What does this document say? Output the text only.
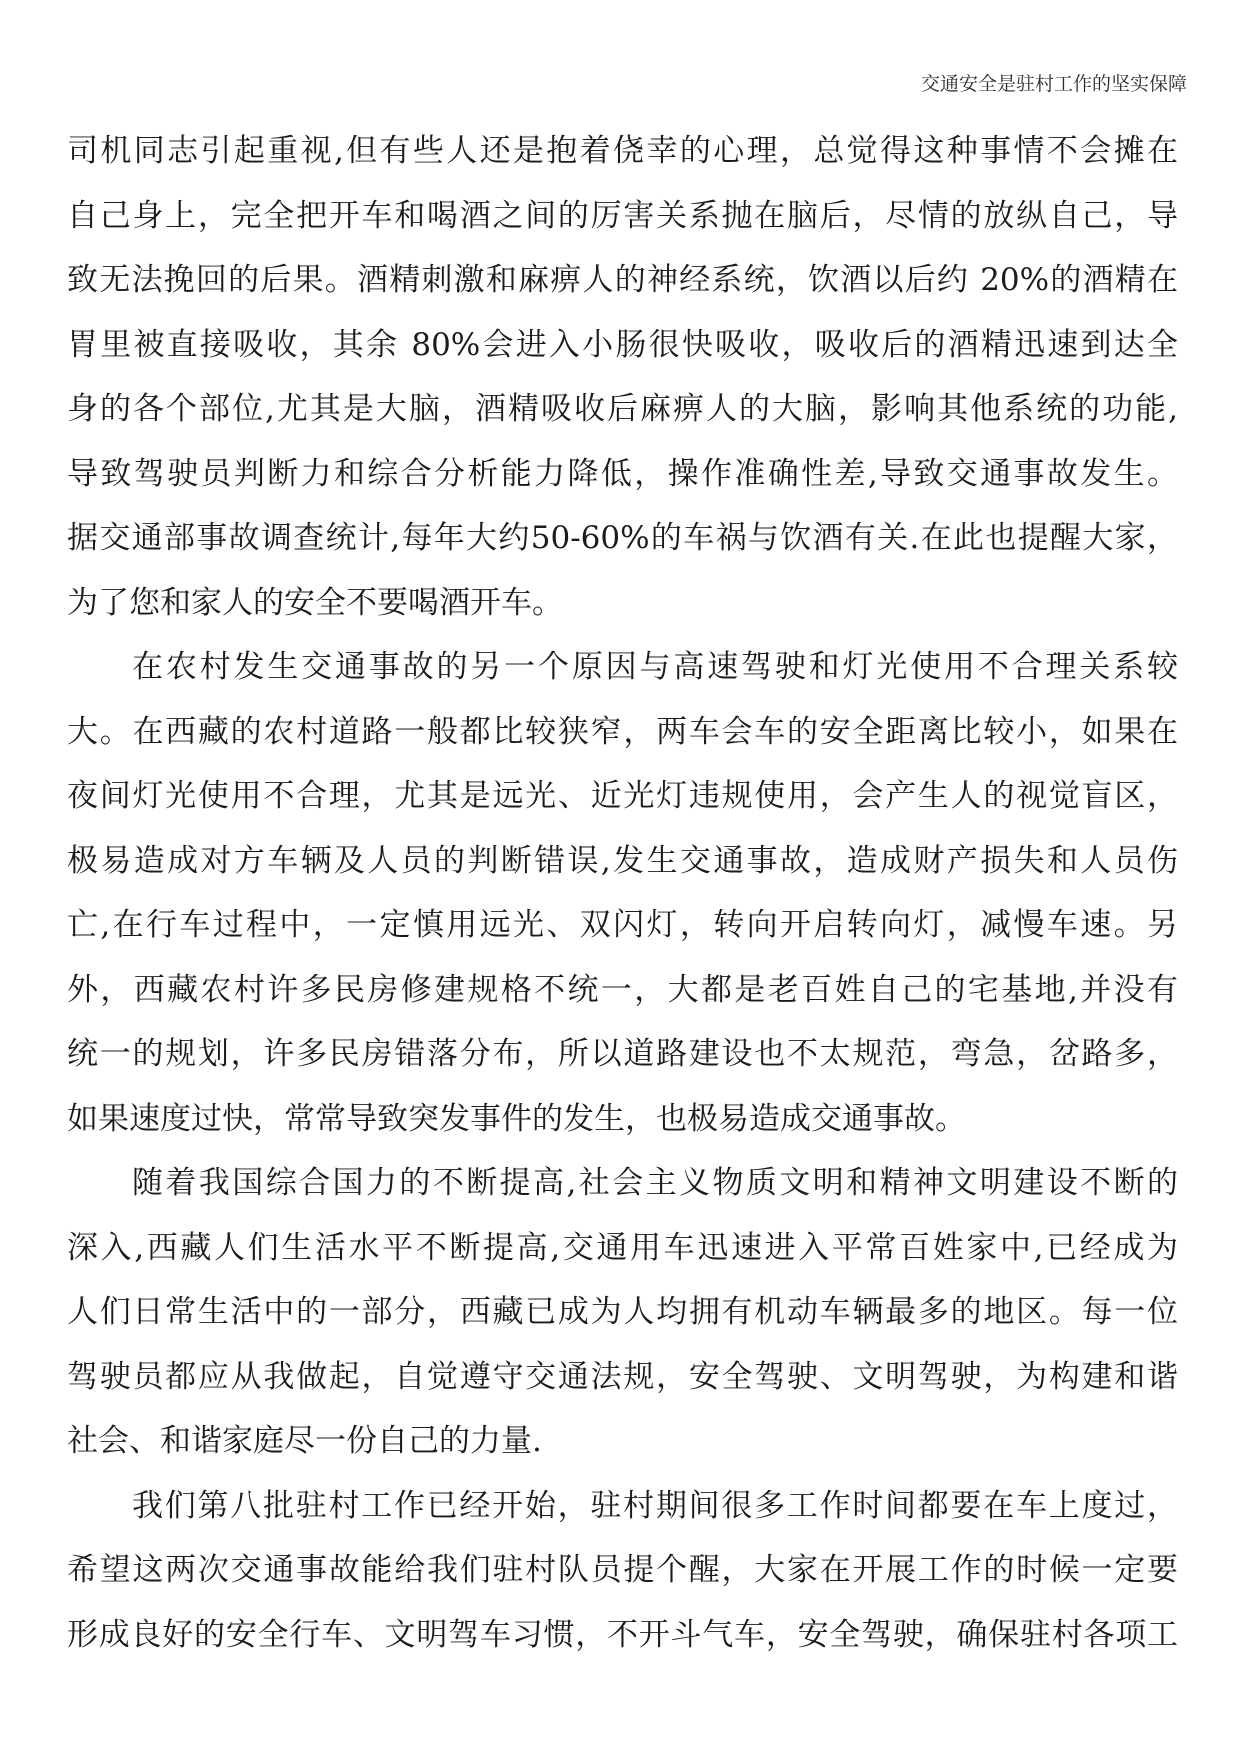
交通安全是驻村工作的坚实保障
司机同志引起重视,但有些人还是抱着侥幸的心理，总觉得这种事情不会摊在
自己身上，完全把开车和喝酒之间的厉害关系抛在脑后，尽情的放纵自己，导
致无法挽回的后果。酒精刺激和麻痹人的神经系统，饮酒以后约 20%的酒精在
胃里被直接吸收，其余 80%会进入小肠很快吸收，吸收后的酒精迅速到达全
身的各个部位,尤其是大脑，酒精吸收后麻痹人的大脑，影响其他系统的功能,
导致驾驶员判断力和综合分析能力降低，操作准确性差,导致交通事故发生。
据交通部事故调查统计,每年大约50-60%的车祸与饮酒有关.在此也提醒大家，
为了您和家人的安全不要喝酒开车。
在农村发生交通事故的另一个原因与高速驾驶和灯光使用不合理关系较
大。在西藏的农村道路一般都比较狭窄，两车会车的安全距离比较小，如果在
夜间灯光使用不合理，尤其是远光、近光灯违规使用，会产生人的视觉盲区，
极易造成对方车辆及人员的判断错误,发生交通事故，造成财产损失和人员伤
亡,在行车过程中，一定慎用远光、双闪灯，转向开启转向灯，减慢车速。另
外，西藏农村许多民房修建规格不统一，大都是老百姓自己的宅基地,并没有
统一的规划，许多民房错落分布，所以道路建设也不太规范，弯急，岔路多，
如果速度过快，常常导致突发事件的发生，也极易造成交通事故。
随着我国综合国力的不断提高,社会主义物质文明和精神文明建设不断的
深入,西藏人们生活水平不断提高,交通用车迅速进入平常百姓家中,已经成为
人们日常生活中的一部分，西藏已成为人均拥有机动车辆最多的地区。每一位
驾驶员都应从我做起，自觉遵守交通法规，安全驾驶、文明驾驶，为构建和谐
社会、和谐家庭尽一份自己的力量.
我们第八批驻村工作已经开始，驻村期间很多工作时间都要在车上度过，
希望这两次交通事故能给我们驻村队员提个醒，大家在开展工作的时候一定要
形成良好的安全行车、文明驾车习惯，不开斗气车，安全驾驶，确保驻村各项工
